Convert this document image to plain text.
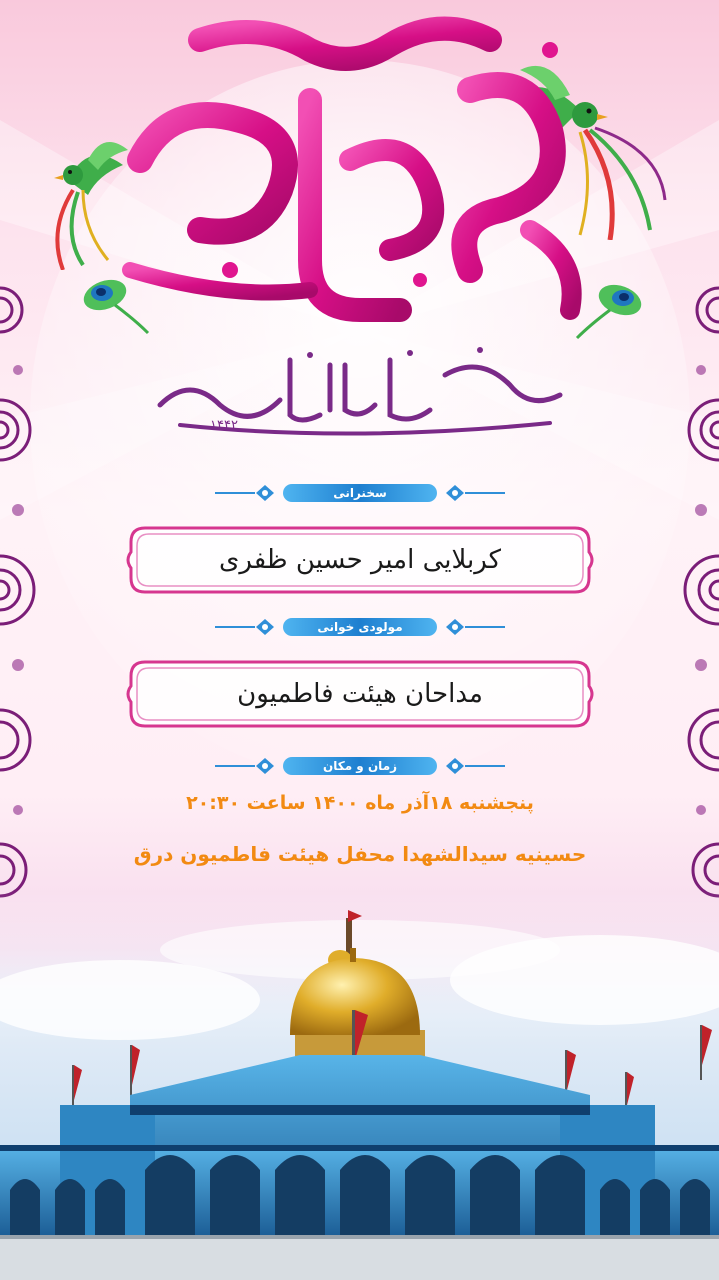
۱۴۴۲
سخنرانی
کربلایی امیر حسین ظفری
مولودی خوانی
مداحان هیئت فاطمیون
زمان و مکان
پنجشنبه ۱۸آذر ماه ۱۴۰۰ ساعت ۲۰:۳۰
حسینیه سیدالشهدا محفل هیئت فاطمیون درق
